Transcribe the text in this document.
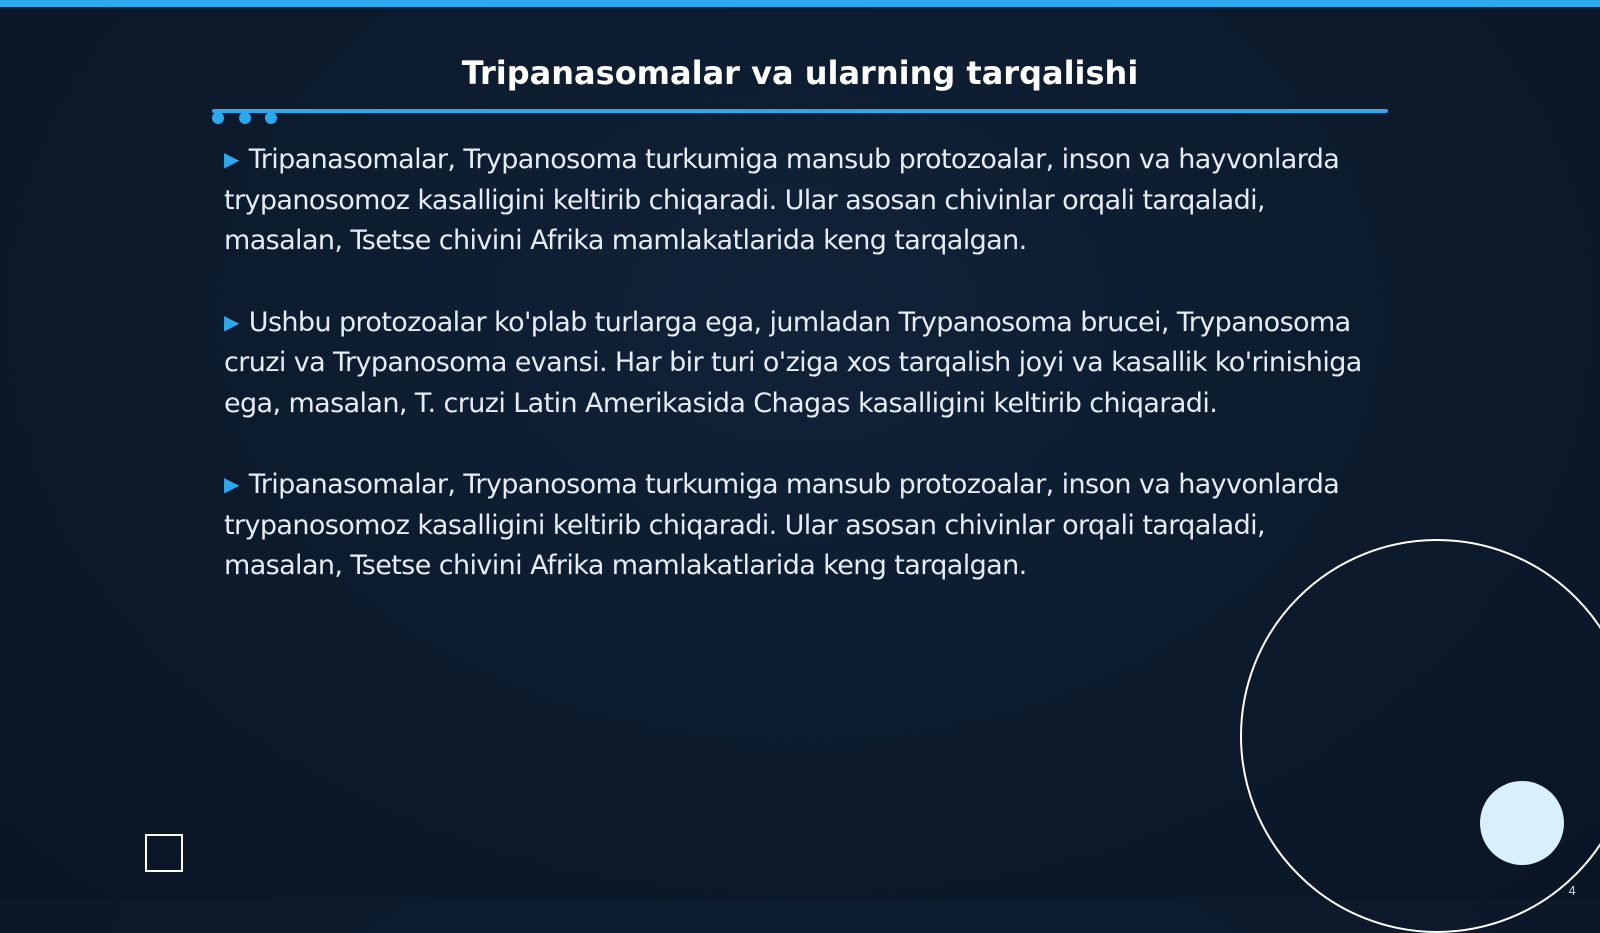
Tripanasomalar va ularning tarqalishi

▶ Tripanasomalar, Trypanosoma turkumiga mansub protozoalar, inson va hayvonlarda trypanosomoz kasalligini keltirib chiqaradi. Ular asosan chivinlar orqali tarqaladi, masalan, Tsetse chivini Afrika mamlakatlarida keng tarqalgan.

▶ Ushbu protozoalar ko'plab turlarga ega, jumladan Trypanosoma brucei, Trypanosoma cruzi va Trypanosoma evansi. Har bir turi o'ziga xos tarqalish joyi va kasallik ko'rinishiga ega, masalan, T. cruzi Latin Amerikasida Chagas kasalligini keltirib chiqaradi.

▶ Tripanasomalar, Trypanosoma turkumiga mansub protozoalar, inson va hayvonlarda trypanosomoz kasalligini keltirib chiqaradi. Ular asosan chivinlar orqali tarqaladi, masalan, Tsetse chivini Afrika mamlakatlarida keng tarqalgan.

4
